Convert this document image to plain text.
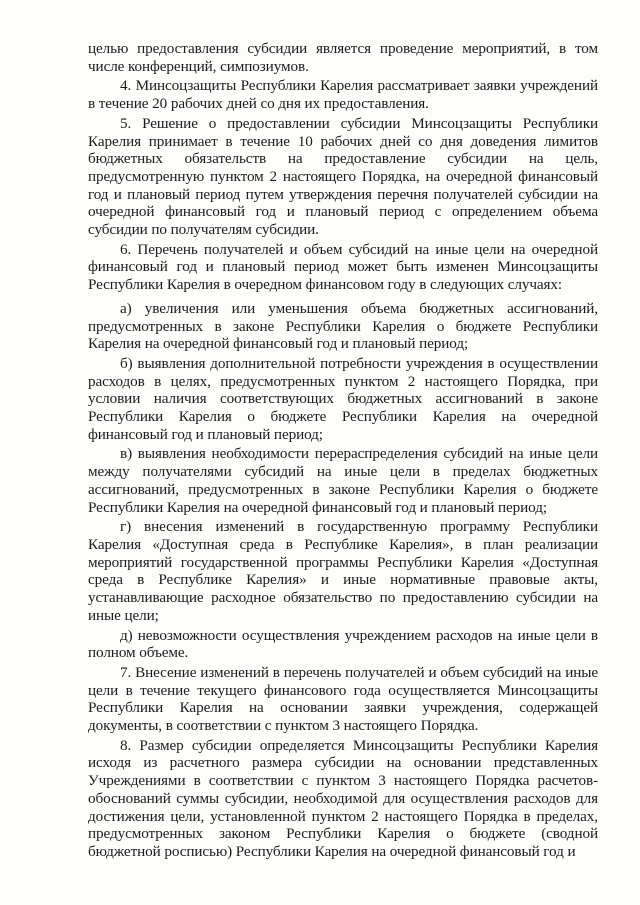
целью предоставления субсидии является проведение мероприятий, в том числе конференций, симпозиумов.

4. Минсоцзащиты Республики Карелия рассматривает заявки учреждений в течение 20 рабочих дней со дня их предоставления.

5. Решение о предоставлении субсидии Минсоцзащиты Республики Карелия принимает в течение 10 рабочих дней со дня доведения лимитов бюджетных обязательств на предоставление субсидии на цель, предусмотренную пунктом 2 настоящего Порядка, на очередной финансовый год и плановый период путем утверждения перечня получателей субсидии на очередной финансовый год и плановый период с определением объема субсидии по получателям субсидии.

6. Перечень получателей и объем субсидий на иные цели на очередной финансовый год и плановый период может быть изменен Минсоцзащиты Республики Карелия в очередном финансовом году в следующих случаях:

а) увеличения или уменьшения объема бюджетных ассигнований, предусмотренных в законе Республики Карелия о бюджете Республики Карелия на очередной финансовый год и плановый период;

б) выявления дополнительной потребности учреждения в осуществлении расходов в целях, предусмотренных пунктом 2 настоящего Порядка, при условии наличия соответствующих бюджетных ассигнований в законе Республики Карелия о бюджете Республики Карелия на очередной финансовый год и плановый период;

в) выявления необходимости перераспределения субсидий на иные цели между получателями субсидий на иные цели в пределах бюджетных ассигнований, предусмотренных в законе Республики Карелия о бюджете Республики Карелия на очередной финансовый год и плановый период;

г) внесения изменений в государственную программу Республики Карелия «Доступная среда в Республике Карелия», в план реализации мероприятий государственной программы Республики Карелия «Доступная среда в Республике Карелия» и иные нормативные правовые акты, устанавливающие расходное обязательство по предоставлению субсидии на иные цели;

д) невозможности осуществления учреждением расходов на иные цели в полном объеме.

7. Внесение изменений в перечень получателей и объем субсидий на иные цели в течение текущего финансового года осуществляется Минсоцзащиты Республики Карелия на основании заявки учреждения, содержащей документы, в соответствии с пунктом 3 настоящего Порядка.

8. Размер субсидии определяется Минсоцзащиты Республики Карелия исходя из расчетного размера субсидии на основании представленных Учреждениями в соответствии с пунктом 3 настоящего Порядка расчетов-обоснований суммы субсидии, необходимой для осуществления расходов для достижения цели, установленной пунктом 2 настоящего Порядка в пределах, предусмотренных законом Республики Карелия о бюджете (сводной бюджетной росписью) Республики Карелия на очередной финансовый год и
